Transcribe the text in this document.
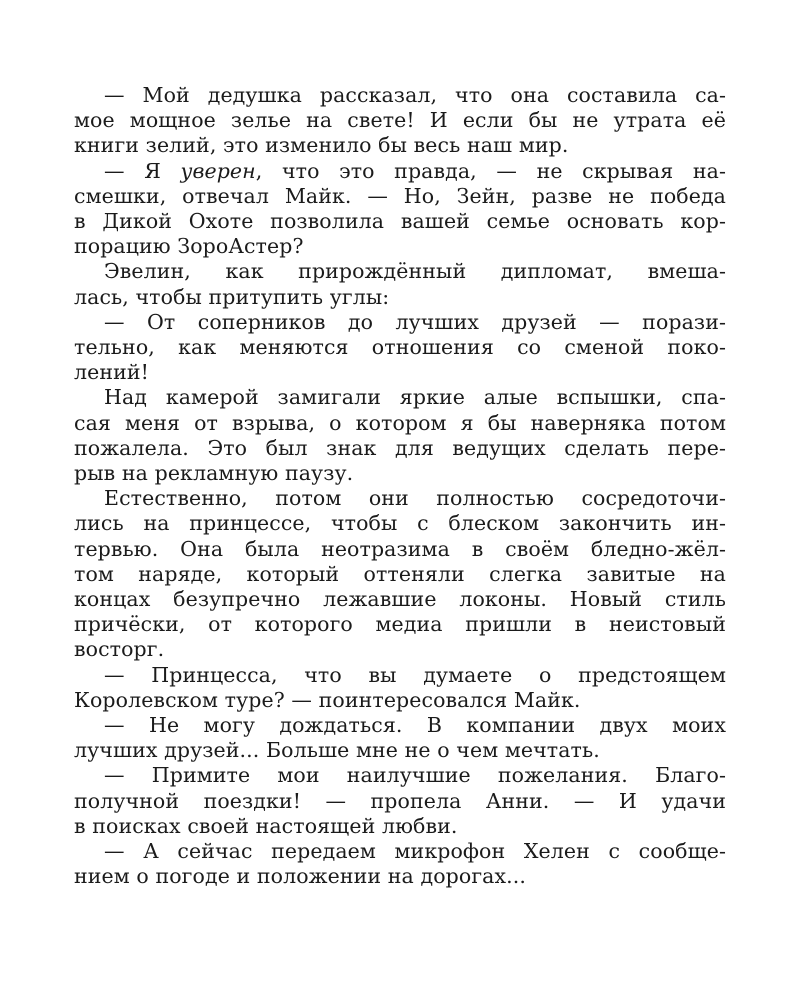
— Мой дедушка рассказал, что она составила са-
мое мощное зелье на свете! И если бы не утрата её
книги зелий, это изменило бы весь наш мир.
— Я уверен, что это правда, — не скрывая на-
смешки, отвечал Майк. — Но, Зейн, разве не победа
в Дикой Охоте позволила вашей семье основать кор-
порацию ЗороАстер?
Эвелин, как прирождённый дипломат, вмеша-
лась, чтобы притупить углы:
— От соперников до лучших друзей — порази-
тельно, как меняются отношения со сменой поко-
лений!
Над камерой замигали яркие алые вспышки, спа-
сая меня от взрыва, о котором я бы наверняка потом
пожалела. Это был знак для ведущих сделать пере-
рыв на рекламную паузу.
Естественно, потом они полностью сосредоточи-
лись на принцессе, чтобы с блеском закончить ин-
тервью. Она была неотразима в своём бледно-жёл-
том наряде, который оттеняли слегка завитые на
концах безупречно лежавшие локоны. Новый стиль
причёски, от которого медиа пришли в неистовый
восторг.
— Принцесса, что вы думаете о предстоящем
Королевском туре? — поинтересовался Майк.
— Не могу дождаться. В компании двух моих
лучших друзей... Больше мне не о чем мечтать.
— Примите мои наилучшие пожелания. Благо-
получной поездки! — пропела Анни. — И удачи
в поисках своей настоящей любви.
— А сейчас передаем микрофон Хелен с сообще-
нием о погоде и положении на дорогах...
